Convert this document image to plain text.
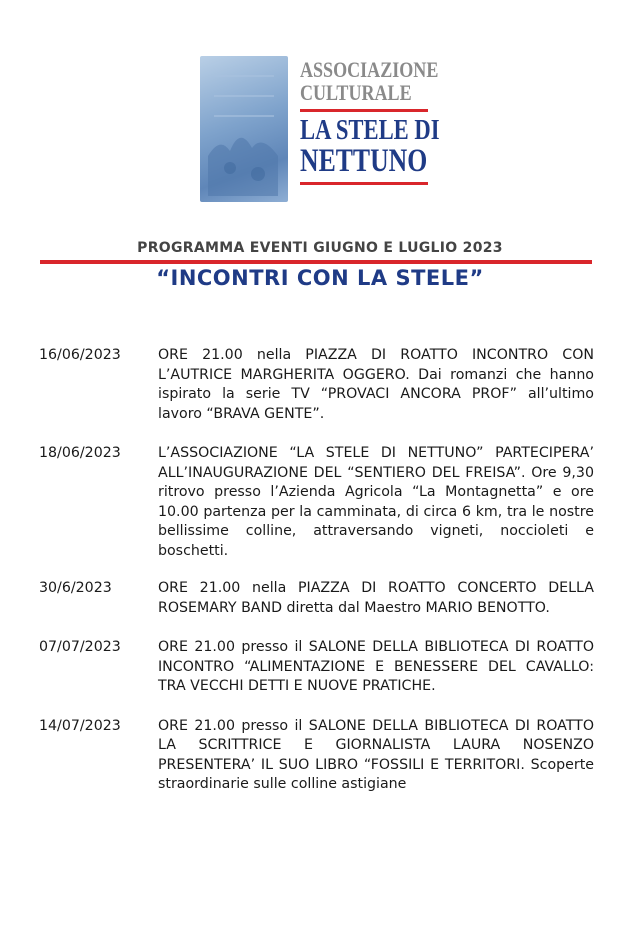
ASSOCIAZIONE
CULTURALE
LA STELE DI
NETTUNO
PROGRAMMA EVENTI GIUGNO E LUGLIO 2023
“INCONTRI CON LA STELE”
16/06/2023	ORE 21.00 nella PIAZZA DI ROATTO INCONTRO CON L’AUTRICE MARGHERITA OGGERO. Dai romanzi che hanno ispirato la serie TV “PROVACI ANCORA PROF” all’ultimo lavoro “BRAVA GENTE”.
18/06/2023	L’ASSOCIAZIONE “LA STELE DI NETTUNO” PARTECIPERA’ ALL’INAUGURAZIONE DEL “SENTIERO DEL FREISA”. Ore 9,30 ritrovo presso l’Azienda Agricola “La Montagnetta” e ore 10.00 partenza per la camminata, di circa 6 km, tra le nostre bellissime colline, attraversando vigneti, noccioleti e boschetti.
30/6/2023	ORE 21.00 nella PIAZZA DI ROATTO CONCERTO DELLA ROSEMARY BAND diretta dal Maestro MARIO BENOTTO.
07/07/2023	ORE 21.00 presso il SALONE DELLA BIBLIOTECA DI ROATTO INCONTRO “ALIMENTAZIONE E BENESSERE DEL CAVALLO: TRA VECCHI DETTI E NUOVE PRATICHE.
14/07/2023	ORE 21.00 presso il SALONE DELLA BIBLIOTECA DI ROATTO LA SCRITTRICE E GIORNALISTA LAURA NOSENZO PRESENTERA’ IL SUO LIBRO “FOSSILI E TERRITORI. Scoperte straordinarie sulle colline astigiane
